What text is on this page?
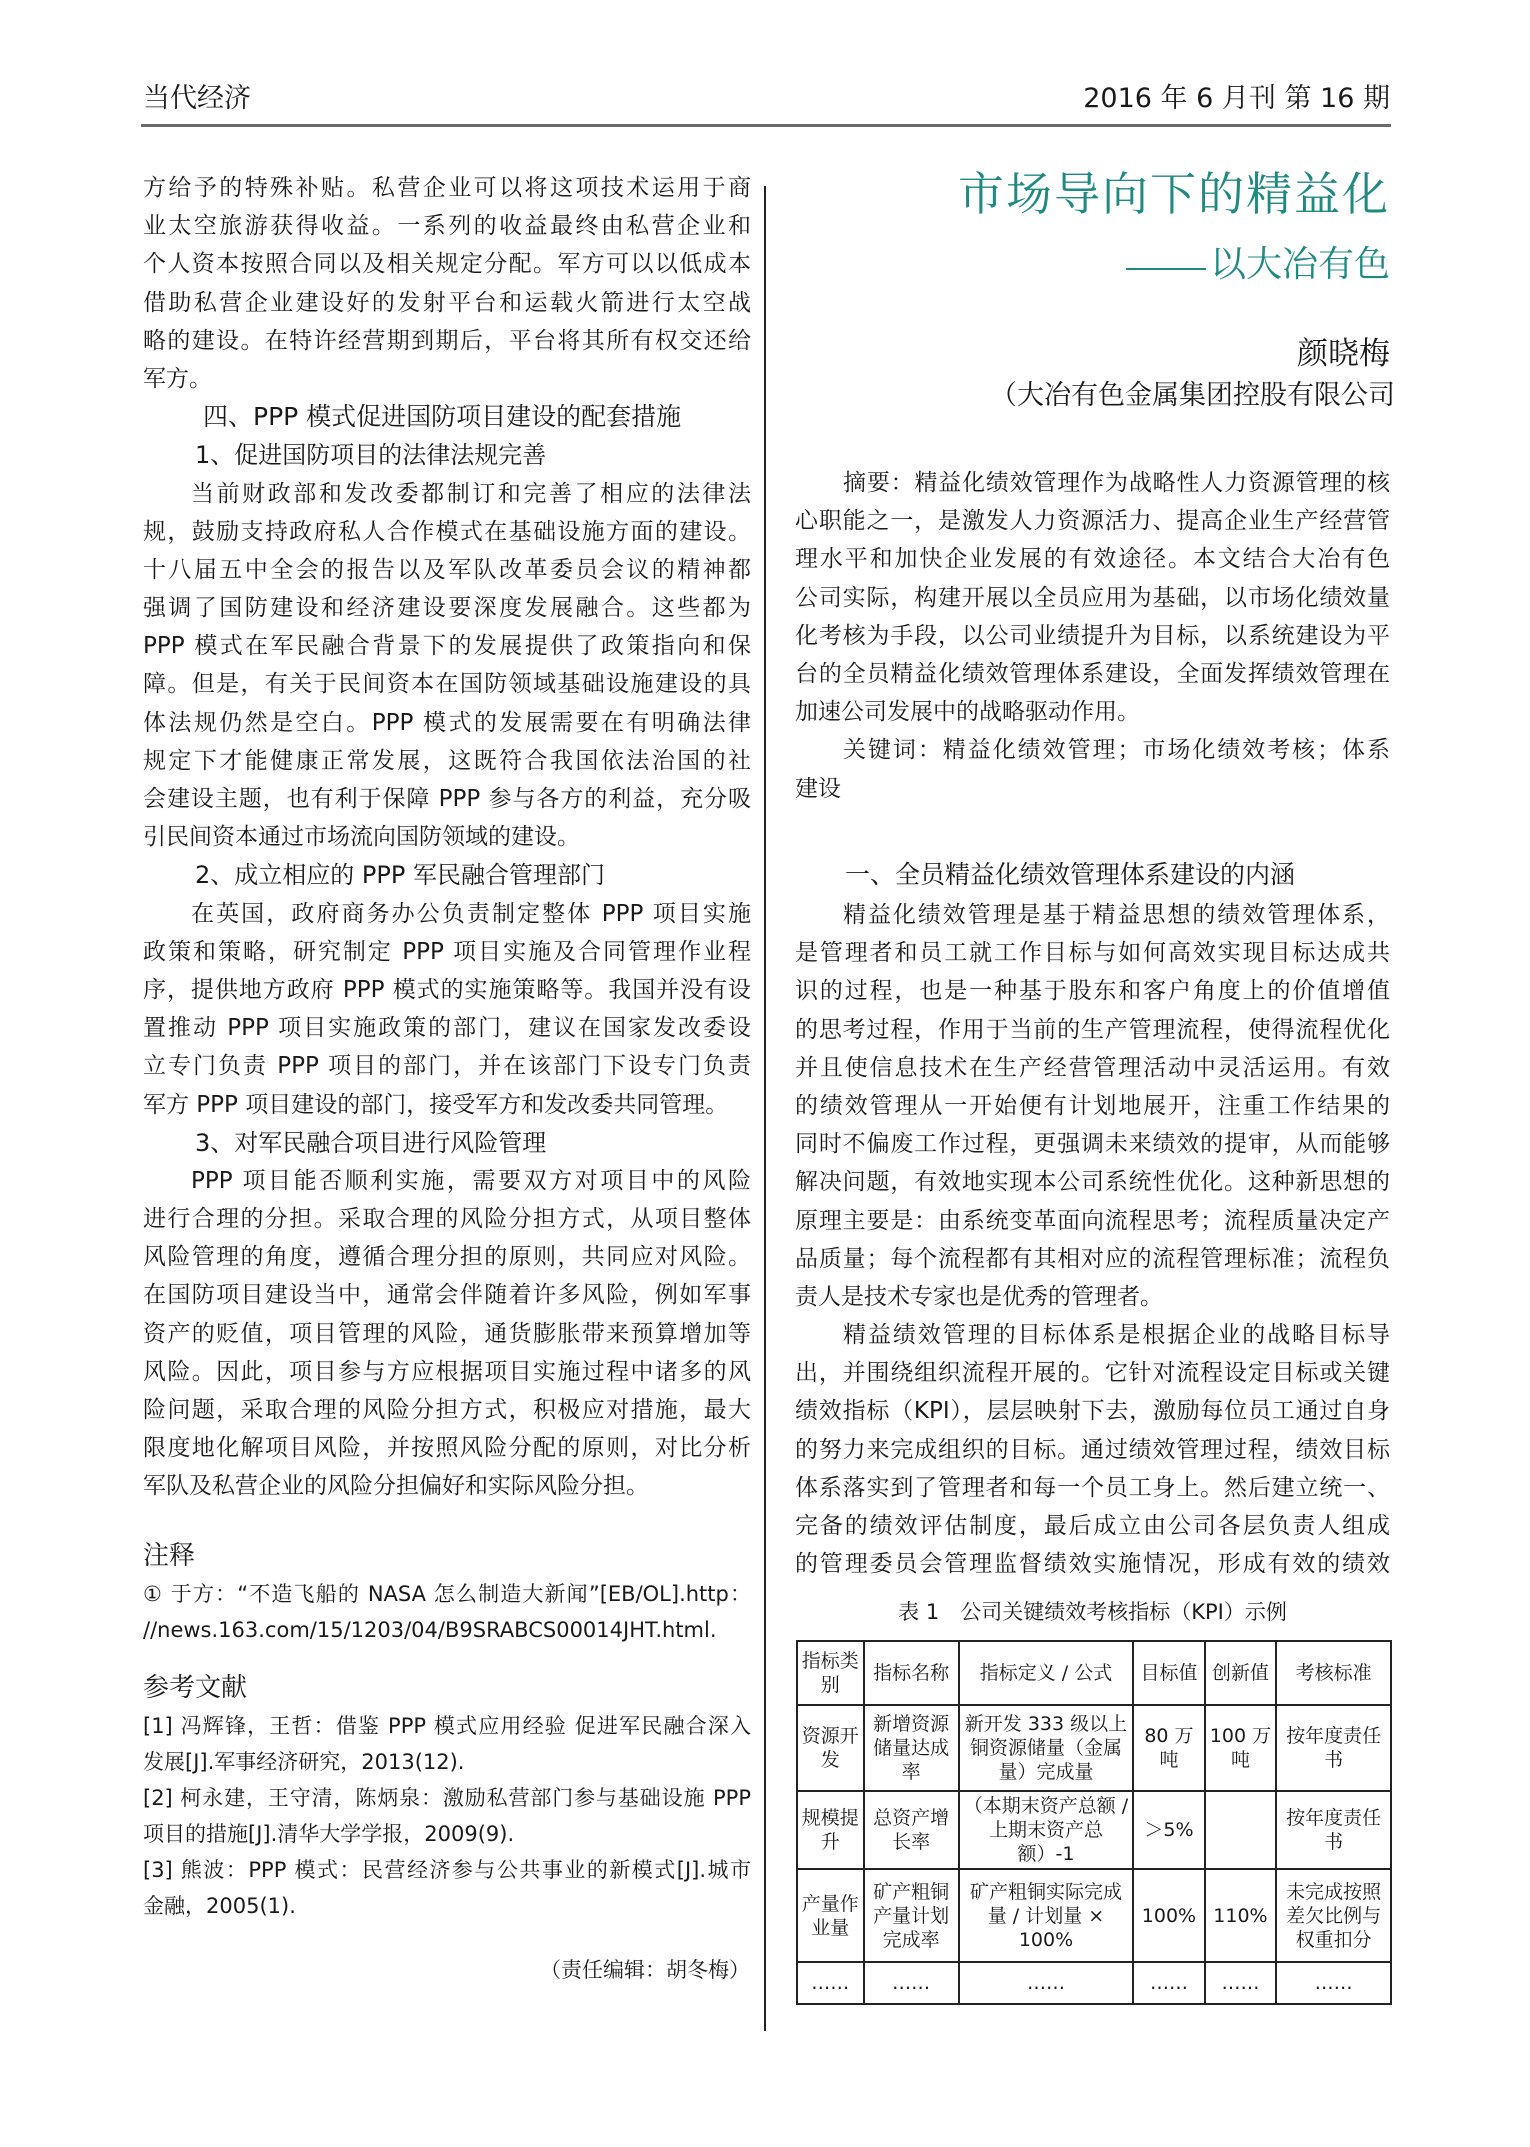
当代经济	2016 年 6 月刊 第 16 期
方给予的特殊补贴。私营企业可以将这项技术运用于商
业太空旅游获得收益。一系列的收益最终由私营企业和
个人资本按照合同以及相关规定分配。军方可以以低成本
借助私营企业建设好的发射平台和运载火箭进行太空战
略的建设。在特许经营期到期后，平台将其所有权交还给
军方。
四、PPP 模式促进国防项目建设的配套措施
1、促进国防项目的法律法规完善
当前财政部和发改委都制订和完善了相应的法律法
规，鼓励支持政府私人合作模式在基础设施方面的建设。
十八届五中全会的报告以及军队改革委员会议的精神都
强调了国防建设和经济建设要深度发展融合。这些都为
PPP 模式在军民融合背景下的发展提供了政策指向和保
障。但是，有关于民间资本在国防领域基础设施建设的具
体法规仍然是空白。PPP 模式的发展需要在有明确法律
规定下才能健康正常发展，这既符合我国依法治国的社
会建设主题，也有利于保障 PPP 参与各方的利益，充分吸
引民间资本通过市场流向国防领域的建设。
2、成立相应的 PPP 军民融合管理部门
在英国，政府商务办公负责制定整体 PPP 项目实施
政策和策略，研究制定 PPP 项目实施及合同管理作业程
序，提供地方政府 PPP 模式的实施策略等。我国并没有设
置推动 PPP 项目实施政策的部门，建议在国家发改委设
立专门负责 PPP 项目的部门，并在该部门下设专门负责
军方 PPP 项目建设的部门，接受军方和发改委共同管理。
3、对军民融合项目进行风险管理
PPP 项目能否顺利实施，需要双方对项目中的风险
进行合理的分担。采取合理的风险分担方式，从项目整体
风险管理的角度，遵循合理分担的原则，共同应对风险。
在国防项目建设当中，通常会伴随着许多风险，例如军事
资产的贬值，项目管理的风险，通货膨胀带来预算增加等
风险。因此，项目参与方应根据项目实施过程中诸多的风
险问题，采取合理的风险分担方式，积极应对措施，最大
限度地化解项目风险，并按照风险分配的原则，对比分析
军队及私营企业的风险分担偏好和实际风险分担。
注释
① 于方：“不造飞船的 NASA 怎么制造大新闻”[EB/OL].http：
//news.163.com/15/1203/04/B9SRABCS00014JHT.html.
参考文献
[1] 冯辉锋，王哲：借鉴 PPP 模式应用经验 促进军民融合深入
发展[J].军事经济研究，2013(12).
[2] 柯永建，王守清，陈炳泉：激励私营部门参与基础设施 PPP
项目的措施[J].清华大学学报，2009(9).
[3] 熊波：PPP 模式：民营经济参与公共事业的新模式[J].城市
金融，2005(1).
（责任编辑：胡冬梅）
市场导向下的精益化
以大冶有色
颜晓梅
（大冶有色金属集团控股有限公司
摘要：精益化绩效管理作为战略性人力资源管理的核
心职能之一，是激发人力资源活力、提高企业生产经营管
理水平和加快企业发展的有效途径。本文结合大冶有色
公司实际，构建开展以全员应用为基础，以市场化绩效量
化考核为手段，以公司业绩提升为目标，以系统建设为平
台的全员精益化绩效管理体系建设，全面发挥绩效管理在
加速公司发展中的战略驱动作用。
关键词：精益化绩效管理；市场化绩效考核；体系
建设
一、全员精益化绩效管理体系建设的内涵
精益化绩效管理是基于精益思想的绩效管理体系，
是管理者和员工就工作目标与如何高效实现目标达成共
识的过程，也是一种基于股东和客户角度上的价值增值
的思考过程，作用于当前的生产管理流程，使得流程优化
并且使信息技术在生产经营管理活动中灵活运用。有效
的绩效管理从一开始便有计划地展开，注重工作结果的
同时不偏废工作过程，更强调未来绩效的提审，从而能够
解决问题，有效地实现本公司系统性优化。这种新思想的
原理主要是：由系统变革面向流程思考；流程质量决定产
品质量；每个流程都有其相对应的流程管理标准；流程负
责人是技术专家也是优秀的管理者。
精益绩效管理的目标体系是根据企业的战略目标导
出，并围绕组织流程开展的。它针对流程设定目标或关键
绩效指标（KPI），层层映射下去，激励每位员工通过自身
的努力来完成组织的目标。通过绩效管理过程，绩效目标
体系落实到了管理者和每一个员工身上。然后建立统一、
完备的绩效评估制度，最后成立由公司各层负责人组成
的管理委员会管理监督绩效实施情况，形成有效的绩效
表 1　公司关键绩效考核指标（KPI）示例
指标类别	指标名称	指标定义 / 公式	目标值	创新值	考核标准
资源开发	新增资源储量达成率	新开发 333 级以上铜资源储量（金属量）完成量	80 万吨	100 万吨	按年度责任书
规模提升	总资产增长率	（本期末资产总额 / 上期末资产总额）-1	＞5%		按年度责任书
产量作业量	矿产粗铜产量计划完成率	矿产粗铜实际完成量 / 计划量 × 100%	100%	110%	未完成按照差欠比例与权重扣分
……	……	……	……	……	……
